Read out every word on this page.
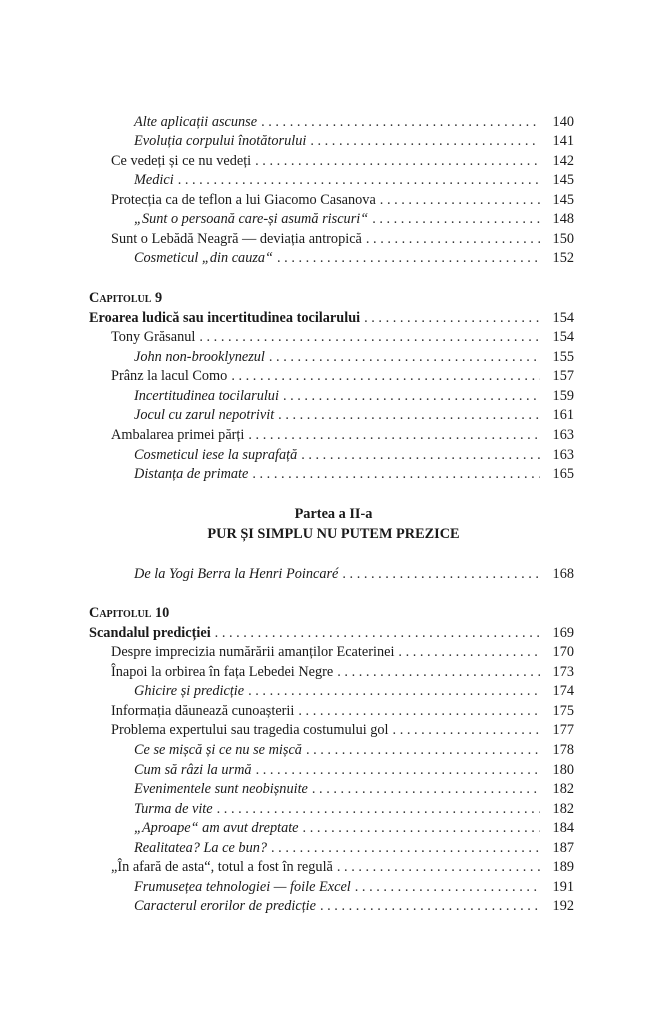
Alte aplicații ascunse . . .	140
Evoluția corpului înotătorului . . .	141
Ce vedeți și ce nu vedeți . . .	142
Medici . . .	145
Protecția ca de teflon a lui Giacomo Casanova . . .	145
„Sunt o persoană care-și asumă riscuri“ . . .	148
Sunt o Lebădă Neagră — deviația antropică . . .	150
Cosmeticul „din cauza“ . . .	152
Capitolul 9
Eroarea ludică sau incertitudinea tocilarului . . .	154
Tony Grăsanul . . .	154
John non-brooklynezul . . .	155
Prânz la lacul Como . . .	157
Incertitudinea tocilarului . . .	159
Jocul cu zarul nepotrivit . . .	161
Ambalarea primei părți . . .	163
Cosmeticul iese la suprafață . . .	163
Distanța de primate . . .	165
Partea a II-a
PUR ȘI SIMPLU NU PUTEM PREZICE
De la Yogi Berra la Henri Poincaré . . .	168
Capitolul 10
Scandalul predicției . . .	169
Despre imprecizia numărării amanților Ecaterinei . . .	170
Înapoi la orbirea în fața Lebedei Negre . . .	173
Ghicire și predicție . . .	174
Informația dăunează cunoașterii . . .	175
Problema expertului sau tragedia costumului gol . . .	177
Ce se mișcă și ce nu se mișcă . . .	178
Cum să râzi la urmă . . .	180
Evenimentele sunt neobișnuite . . .	182
Turma de vite . . .	182
„Aproape“ am avut dreptate . . .	184
Realitatea? La ce bun? . . .	187
„În afară de asta“, totul a fost în regulă . . .	189
Frumusețea tehnologiei — foile Excel . . .	191
Caracterul erorilor de predicție . . .	192
